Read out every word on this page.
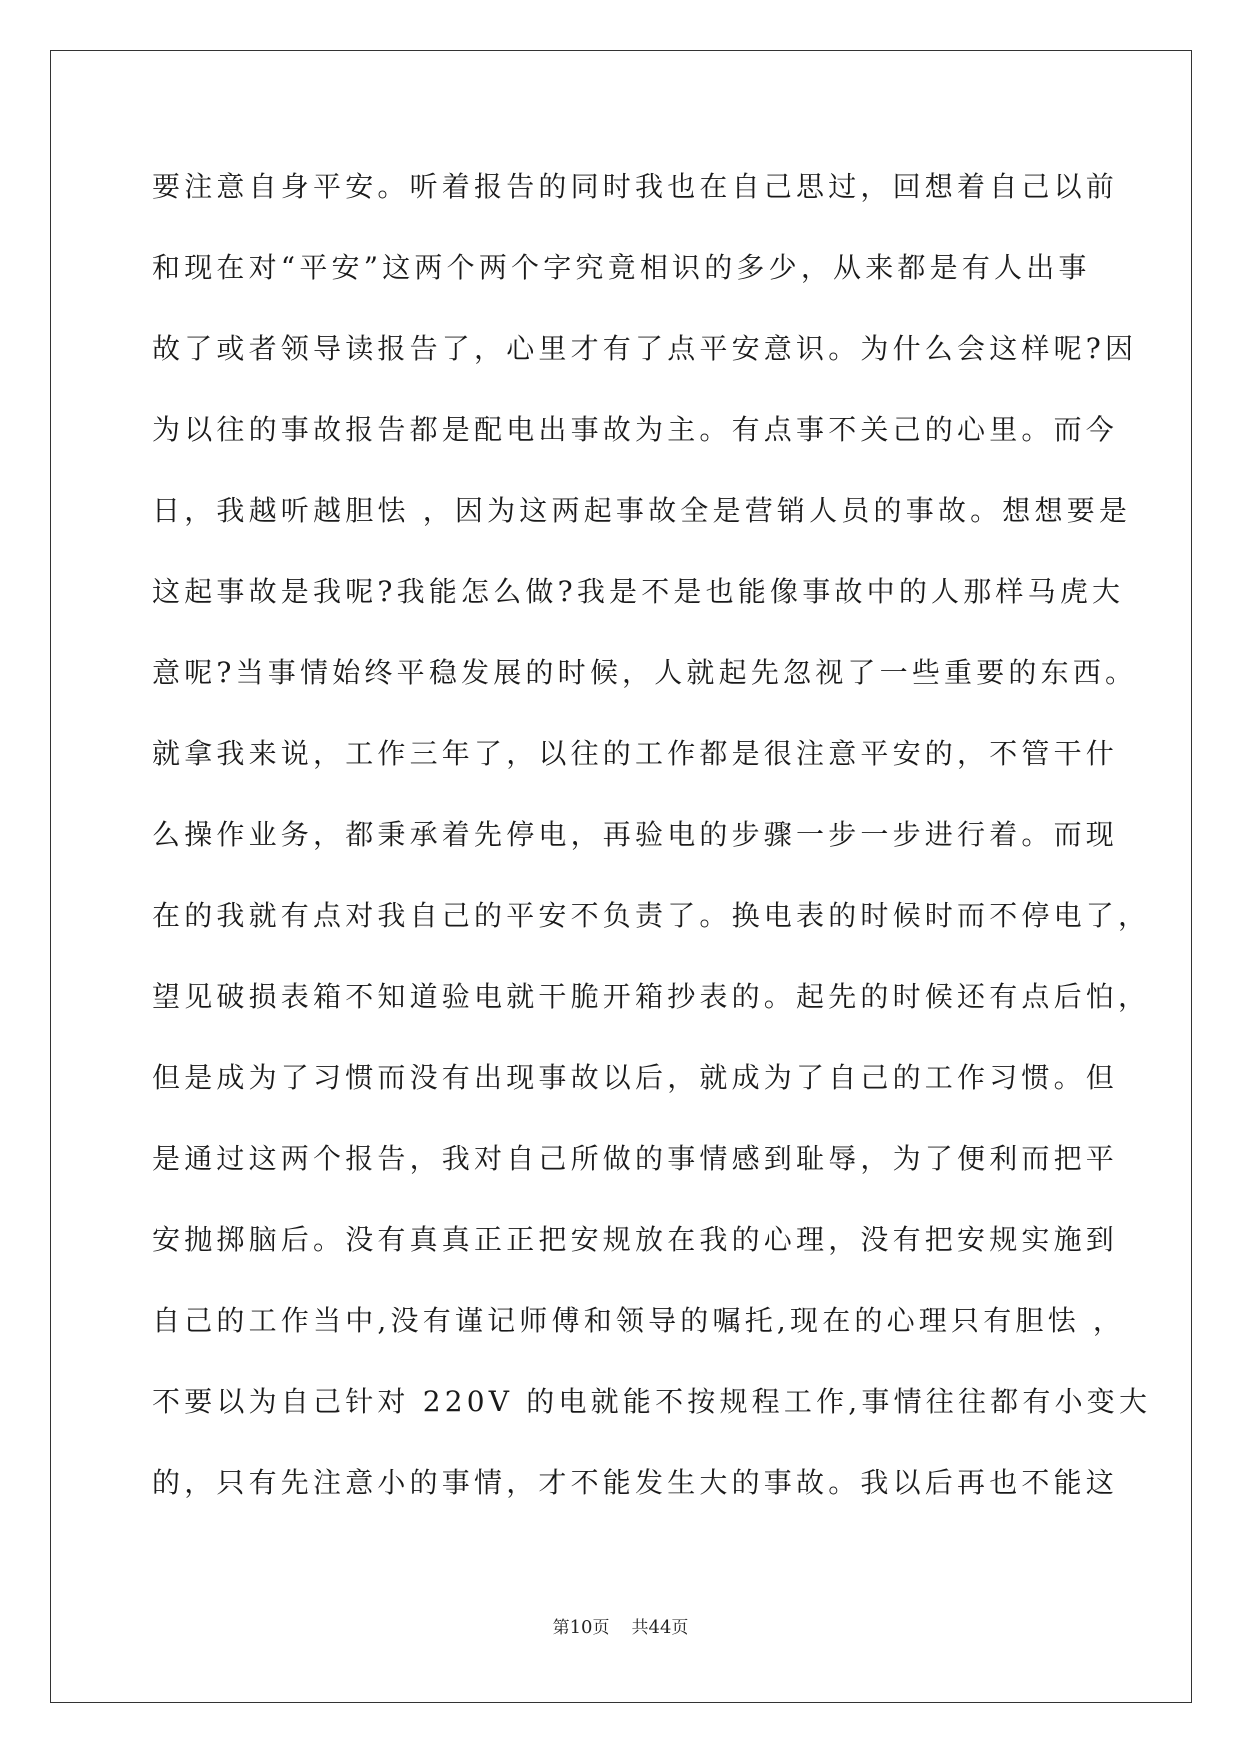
要注意自身平安。听着报告的同时我也在自己思过，回想着自己以前
和现在对“平安”这两个两个字究竟相识的多少，从来都是有人出事
故了或者领导读报告了，心里才有了点平安意识。为什么会这样呢?因
为以往的事故报告都是配电出事故为主。有点事不关己的心里。而今
日，我越听越胆怯 ，因为这两起事故全是营销人员的事故。想想要是
这起事故是我呢?我能怎么做?我是不是也能像事故中的人那样马虎大
意呢?当事情始终平稳发展的时候，人就起先忽视了一些重要的东西。
就拿我来说，工作三年了，以往的工作都是很注意平安的，不管干什
么操作业务，都秉承着先停电，再验电的步骤一步一步进行着。而现
在的我就有点对我自己的平安不负责了。换电表的时候时而不停电了，
望见破损表箱不知道验电就干脆开箱抄表的。起先的时候还有点后怕，
但是成为了习惯而没有出现事故以后，就成为了自己的工作习惯。但
是通过这两个报告，我对自己所做的事情感到耻辱，为了便利而把平
安抛掷脑后。没有真真正正把安规放在我的心理，没有把安规实施到
自己的工作当中,没有谨记师傅和领导的嘱托,现在的心理只有胆怯 ，
不要以为自己针对 220V 的电就能不按规程工作,事情往往都有小变大
的，只有先注意小的事情，才不能发生大的事故。我以后再也不能这
第10页 共44页
